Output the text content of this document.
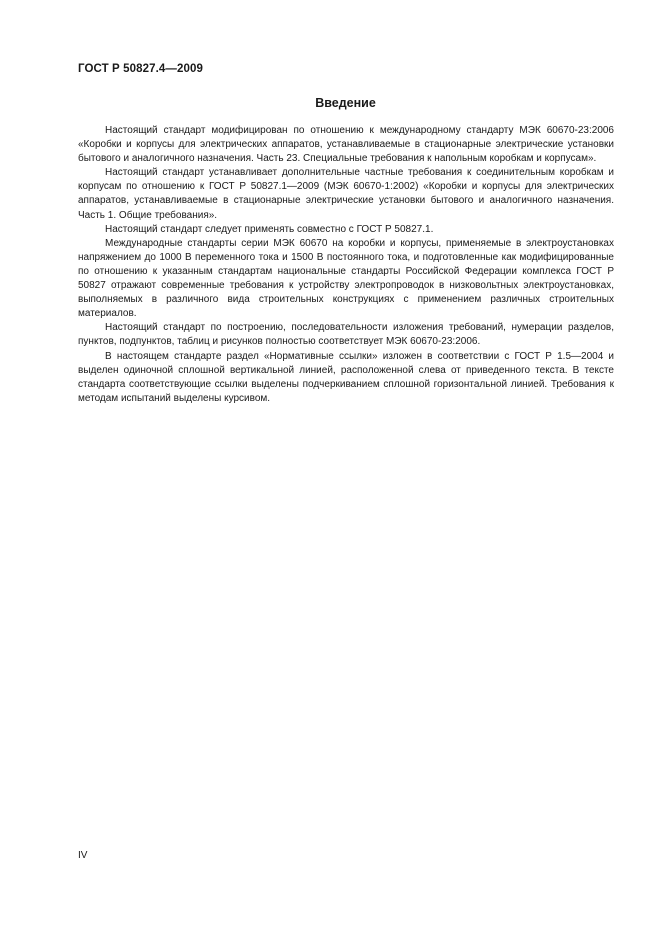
ГОСТ Р 50827.4—2009
Введение

Настоящий стандарт модифицирован по отношению к международному стандарту МЭК 60670-23:2006 «Коробки и корпусы для электрических аппаратов, устанавливаемые в стационарные электрические установки бытового и аналогичного назначения. Часть 23. Специальные требования к напольным коробкам и корпусам».

Настоящий стандарт устанавливает дополнительные частные требования к соединительным коробкам и корпусам по отношению к ГОСТ Р 50827.1—2009 (МЭК 60670-1:2002) «Коробки и корпусы для электрических аппаратов, устанавливаемые в стационарные электрические установки бытового и аналогичного назначения. Часть 1. Общие требования».

Настоящий стандарт следует применять совместно с ГОСТ Р 50827.1.

Международные стандарты серии МЭК 60670 на коробки и корпусы, применяемые в электроустановках напряжением до 1000 В переменного тока и 1500 В постоянного тока, и подготовленные как модифицированные по отношению к указанным стандартам национальные стандарты Российской Федерации комплекса ГОСТ Р 50827 отражают современные требования к устройству электропроводок в низковольтных электроустановках, выполняемых в различного вида строительных конструкциях с применением различных строительных материалов.

Настоящий стандарт по построению, последовательности изложения требований, нумерации разделов, пунктов, подпунктов, таблиц и рисунков полностью соответствует МЭК 60670-23:2006.

В настоящем стандарте раздел «Нормативные ссылки» изложен в соответствии с ГОСТ Р 1.5—2004 и выделен одиночной сплошной вертикальной линией, расположенной слева от приведенного текста. В тексте стандарта соответствующие ссылки выделены подчеркиванием сплошной горизонтальной линией. Требования к методам испытаний выделены курсивом.

IV
